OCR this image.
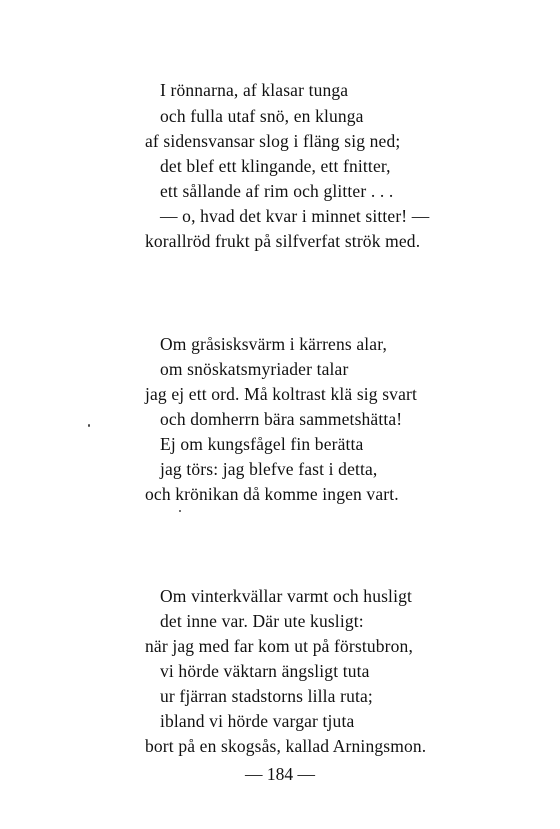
I rönnarna, af klasar tunga
och fulla utaf snö, en klunga
af sidensvansar slog i fläng sig ned;
det blef ett klingande, ett fnitter,
ett sållande af rim och glitter . . .
— o, hvad det kvar i minnet sitter! —
korallröd frukt på silfverfat strök med.
Om gråsisksvärm i kärrens alar,
om snöskatsmyriader talar
jag ej ett ord. Må koltrast klä sig svart
och domherrn bära sammetshätta!
Ej om kungsfågel fin berätta
jag törs: jag blefve fast i detta,
och krönikan då komme ingen vart.
Om vinterkvällar varmt och husligt
det inne var. Där ute kusligt:
när jag med far kom ut på förstubron,
vi hörde väktarn ängsligt tuta
ur fjärran stadstorns lilla ruta;
ibland vi hörde vargar tjuta
bort på en skogsås, kallad Arningsmon.
— 184 —
